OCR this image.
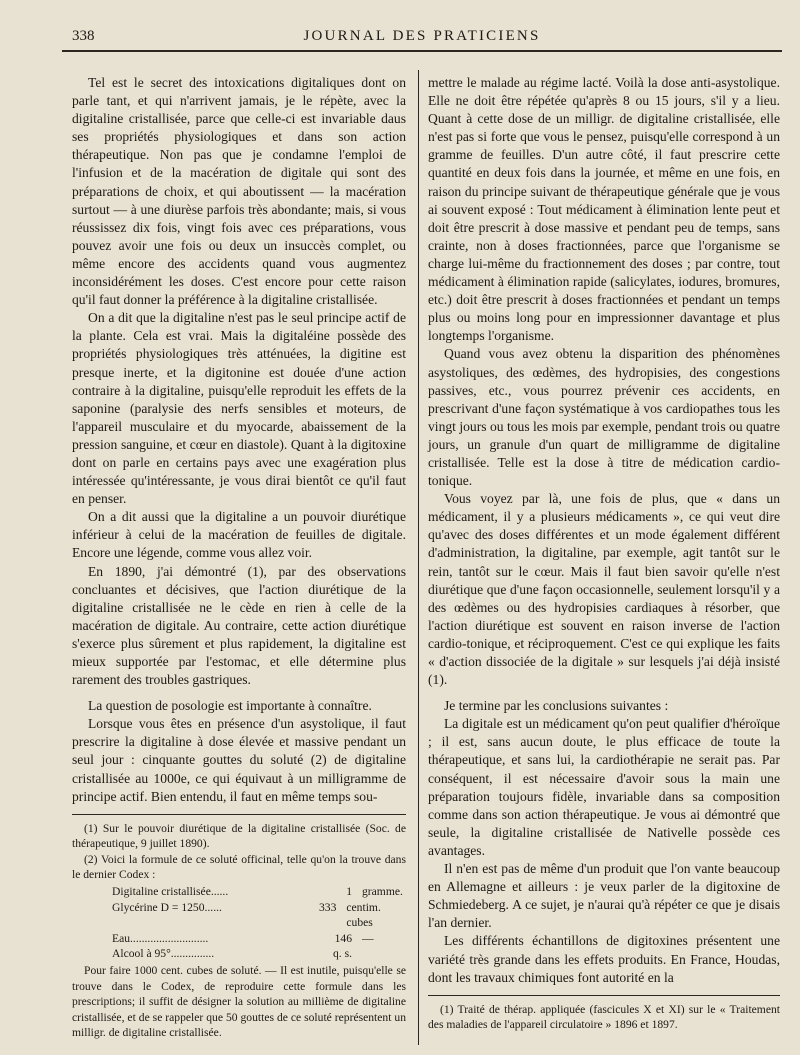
338	JOURNAL DES PRATICIENS

Tel est le secret des intoxications digitaliques dont on parle tant, et qui n'arrivent jamais, je le répète, avec la digitaline cristallisée, parce que celle-ci est invariable daus ses propriétés physiologiques et dans son action thérapeutique. Non pas que je condamne l'emploi de l'infusion et de la macération de digitale qui sont des préparations de choix, et qui aboutissent — la macération surtout — à une diurèse parfois très abondante; mais, si vous réussissez dix fois, vingt fois avec ces préparations, vous pouvez avoir une fois ou deux un insuccès complet, ou même encore des accidents quand vous augmentez inconsidérément les doses. C'est encore pour cette raison qu'il faut donner la préférence à la digitaline cristallisée.

On a dit que la digitaline n'est pas le seul principe actif de la plante. Cela est vrai. Mais la digitaléine possède des propriétés physiologiques très atténuées, la digitine est presque inerte, et la digitonine est douée d'une action contraire à la digitaline, puisqu'elle reproduit les effets de la saponine (paralysie des nerfs sensibles et moteurs, de l'appareil musculaire et du myocarde, abaissement de la pression sanguine, et cœur en diastole). Quant à la digitoxine dont on parle en certains pays avec une exagération plus intéressée qu'intéressante, je vous dirai bientôt ce qu'il faut en penser.

On a dit aussi que la digitaline a un pouvoir diurétique inférieur à celui de la macération de feuilles de digitale. Encore une légende, comme vous allez voir.

En 1890, j'ai démontré (1), par des observations concluantes et décisives, que l'action diurétique de la digitaline cristallisée ne le cède en rien à celle de la macération de digitale. Au contraire, cette action diurétique s'exerce plus sûrement et plus rapidement, la digitaline est mieux supportée par l'estomac, et elle détermine plus rarement des troubles gastriques.

La question de posologie est importante à connaître.

Lorsque vous êtes en présence d'un asystolique, il faut prescrire la digitaline à dose élevée et massive pendant un seul jour : cinquante gouttes du soluté (2) de digitaline cristallisée au 1000e, ce qui équivaut à un milligramme de principe actif. Bien entendu, il faut en même temps sou-

(1) Sur le pouvoir diurétique de la digitaline cristallisée (Soc. de thérapeutique, 9 juillet 1890).

(2) Voici la formule de ce soluté officinal, telle qu'on la trouve dans le dernier Codex :

Digitaline cristallisée......	1 gramme.
Glycérine D = 1250......	333 centim. cubes
Eau...........................	146 —
Alcool à 95°...............	q. s.

Pour faire 1000 cent. cubes de soluté. — Il est inutile, puisqu'elle se trouve dans le Codex, de reproduire cette formule dans les prescriptions; il suffit de désigner la solution au millième de digitaline cristallisée, et de se rappeler que 50 gouttes de ce soluté représentent un milligr. de digitaline cristallisée.

mettre le malade au régime lacté. Voilà la dose anti-asystolique. Elle ne doit être répétée qu'après 8 ou 15 jours, s'il y a lieu. Quant à cette dose de un milligr. de digitaline cristallisée, elle n'est pas si forte que vous le pensez, puisqu'elle correspond à un gramme de feuilles. D'un autre côté, il faut prescrire cette quantité en deux fois dans la journée, et même en une fois, en raison du principe suivant de thérapeutique générale que je vous ai souvent exposé : Tout médicament à élimination lente peut et doit être prescrit à dose massive et pendant peu de temps, sans crainte, non à doses fractionnées, parce que l'organisme se charge lui-même du fractionnement des doses ; par contre, tout médicament à élimination rapide (salicylates, iodures, bromures, etc.) doit être prescrit à doses fractionnées et pendant un temps plus ou moins long pour en impressionner davantage et plus longtemps l'organisme.

Quand vous avez obtenu la disparition des phénomènes asystoliques, des œdèmes, des hydropisies, des congestions passives, etc., vous pourrez prévenir ces accidents, en prescrivant d'une façon systématique à vos cardiopathes tous les vingt jours ou tous les mois par exemple, pendant trois ou quatre jours, un granule d'un quart de milligramme de digitaline cristallisée. Telle est la dose à titre de médication cardio-tonique.

Vous voyez par là, une fois de plus, que « dans un médicament, il y a plusieurs médicaments », ce qui veut dire qu'avec des doses différentes et un mode également différent d'administration, la digitaline, par exemple, agit tantôt sur le rein, tantôt sur le cœur. Mais il faut bien savoir qu'elle n'est diurétique que d'une façon occasionnelle, seulement lorsqu'il y a des œdèmes ou des hydropisies cardiaques à résorber, que l'action diurétique est souvent en raison inverse de l'action cardio-tonique, et réciproquement. C'est ce qui explique les faits « d'action dissociée de la digitale » sur lesquels j'ai déjà insisté (1).

Je termine par les conclusions suivantes :

La digitale est un médicament qu'on peut qualifier d'héroïque ; il est, sans aucun doute, le plus efficace de toute la thérapeutique, et sans lui, la cardiothérapie ne serait pas. Par conséquent, il est nécessaire d'avoir sous la main une préparation toujours fidèle, invariable dans sa composition comme dans son action thérapeutique. Je vous ai démontré que seule, la digitaline cristallisée de Nativelle possède ces avantages.

Il n'en est pas de même d'un produit que l'on vante beaucoup en Allemagne et ailleurs : je veux parler de la digitoxine de Schmiedeberg. A ce sujet, je n'aurai qu'à répéter ce que je disais l'an dernier.

Les différents échantillons de digitoxines présentent une variété très grande dans les effets produits. En France, Houdas, dont les travaux chimiques font autorité en la

(1) Traité de thérap. appliquée (fascicules X et XI) sur le « Traitement des maladies de l'appareil circulatoire » 1896 et 1897.
